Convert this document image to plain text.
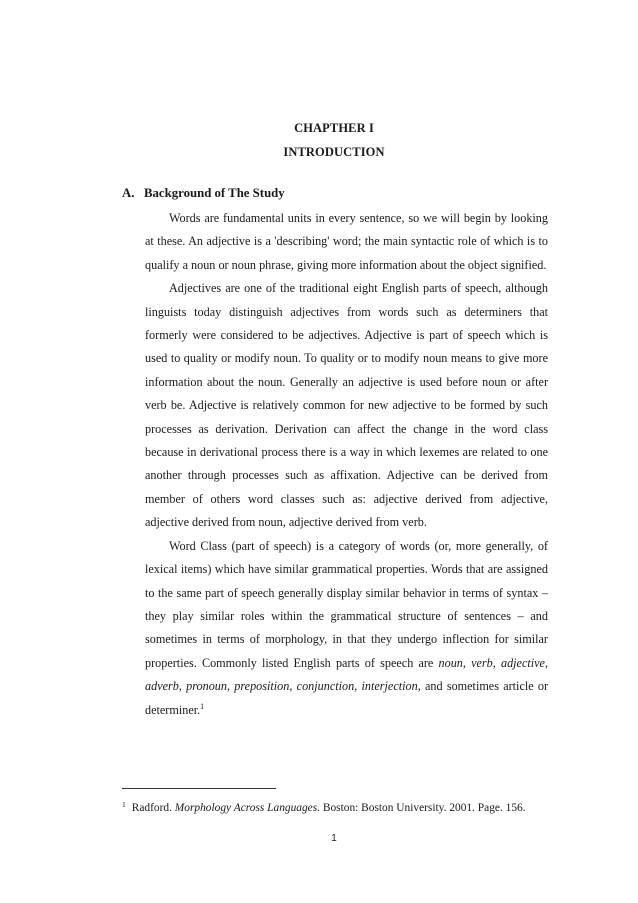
CHAPTHER I
INTRODUCTION
A. Background of The Study

Words are fundamental units in every sentence, so we will begin by looking at these. An adjective is a 'describing' word; the main syntactic role of which is to qualify a noun or noun phrase, giving more information about the object signified.

Adjectives are one of the traditional eight English parts of speech, although linguists today distinguish adjectives from words such as determiners that formerly were considered to be adjectives. Adjective is part of speech which is used to quality or modify noun. To quality or to modify noun means to give more information about the noun. Generally an adjective is used before noun or after verb be. Adjective is relatively common for new adjective to be formed by such processes as derivation. Derivation can affect the change in the word class because in derivational process there is a way in which lexemes are related to one another through processes such as affixation. Adjective can be derived from member of others word classes such as: adjective derived from adjective, adjective derived from noun, adjective derived from verb.

Word Class (part of speech) is a category of words (or, more generally, of lexical items) which have similar grammatical properties. Words that are assigned to the same part of speech generally display similar behavior in terms of syntax – they play similar roles within the grammatical structure of sentences – and sometimes in terms of morphology, in that they undergo inflection for similar properties. Commonly listed English parts of speech are noun, verb, adjective, adverb, pronoun, preposition, conjunction, interjection, and sometimes article or determiner.$^1$

$^1$ Radford. Morphology Across Languages. Boston: Boston University. 2001. Page. 156.
1
